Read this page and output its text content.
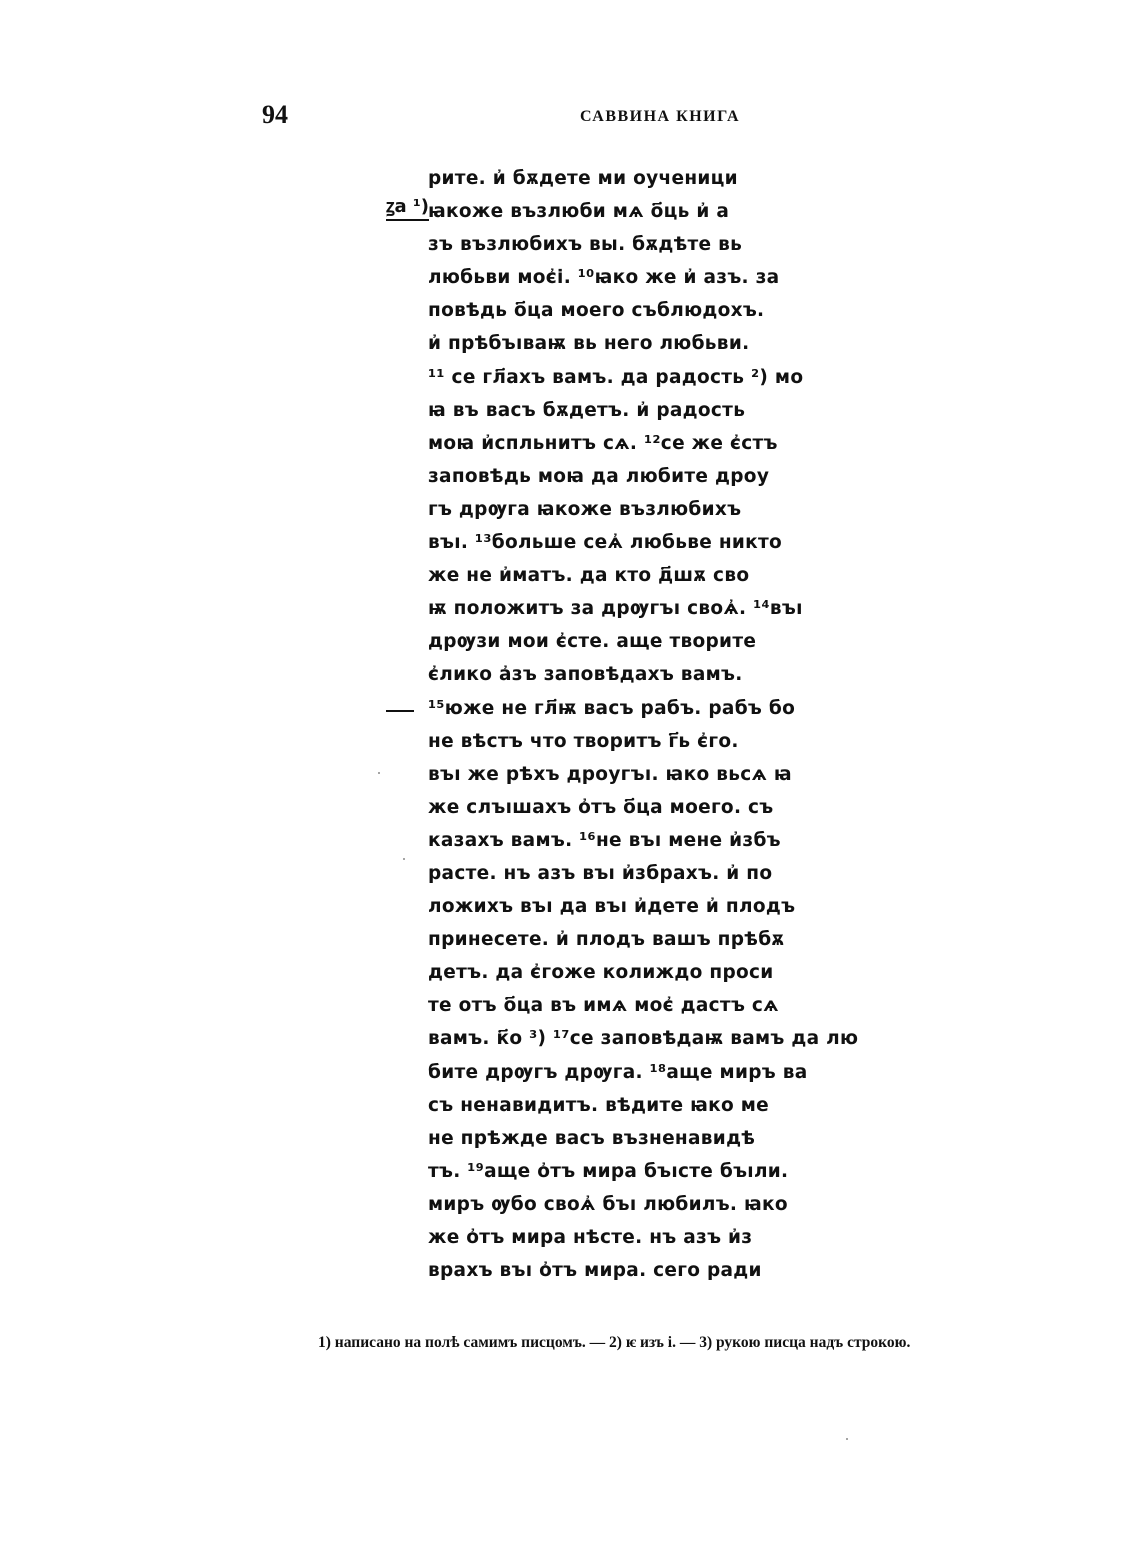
94	САВВИНА КНИГА
ꙁа ¹)
рите. и҆ бѫдете ми оученици
ꙗкоже възлюби мѧ о҃ць и҆ а
зъ възлюбихъ вы. бѫдѣте вь
любьви моє҆і. ¹⁰ꙗко же и҆ азъ. за
повѣдь о҃ца моего съблюдохъ.
и҆ прѣбъıваѭ вь него любьви.
¹¹ се гл҃ахъ вамъ. да радость ²) мо
ꙗ въ васъ бѫдетъ. и҆ радость
моꙗ и҆спльнитъ сѧ. ¹²се же є҆стъ
заповѣдь моꙗ да любите дроу
гъ дрѹга ꙗкоже възлюбихъ
въı. ¹³больше сеѧ҆ любьве никто
же не и҆матъ. да кто д҃шѫ сво
ѭ положитъ за дрѹгъı своѧ҆. ¹⁴въı
дрѹзи мои є҆сте. аще творите
є҆лико а҆зъ заповѣдахъ вамъ.
¹⁵юже не гл҃ѭ васъ рабъ. рабъ бо
не вѣстъ что творитъ г҃ь є҆го.
въı же рѣхъ дроугъı. ꙗко вьсѧ ꙗ
же слъıшахъ о҆тъ о҃ца моего. съ
казахъ вамъ. ¹⁶не въı мене и҆збъ
расте. нъ азъ въı и҆збрахъ. и҆ по
ложихъ въı да въı и҆дете и҆ плодъ
принесете. и҆ плодъ вашъ прѣбѫ
детъ. да є҆гоже колиждо проси
те отъ о҃ца въ имѧ моє҆ дастъ сѧ
вамъ. к҃о ³) ¹⁷се заповѣдаѭ вамъ да лю
бите дрѹгъ дрѹга. ¹⁸аще миръ ва
съ ненавидитъ. вѣдите ꙗко ме
не прѣжде васъ възненавидѣ
тъ. ¹⁹аще о҆тъ мира бъıсте бъıли.
миръ ѹбо своѧ҆ бъı любилъ. ꙗко
же о҆тъ мира нѣсте. нъ азъ и҆з
врахъ въı о҆тъ мира. сего ради
1) написано на полѣ самимъ писцомъ. — 2) ѥ изъ і. — 3) рукою писца надъ строкою.
